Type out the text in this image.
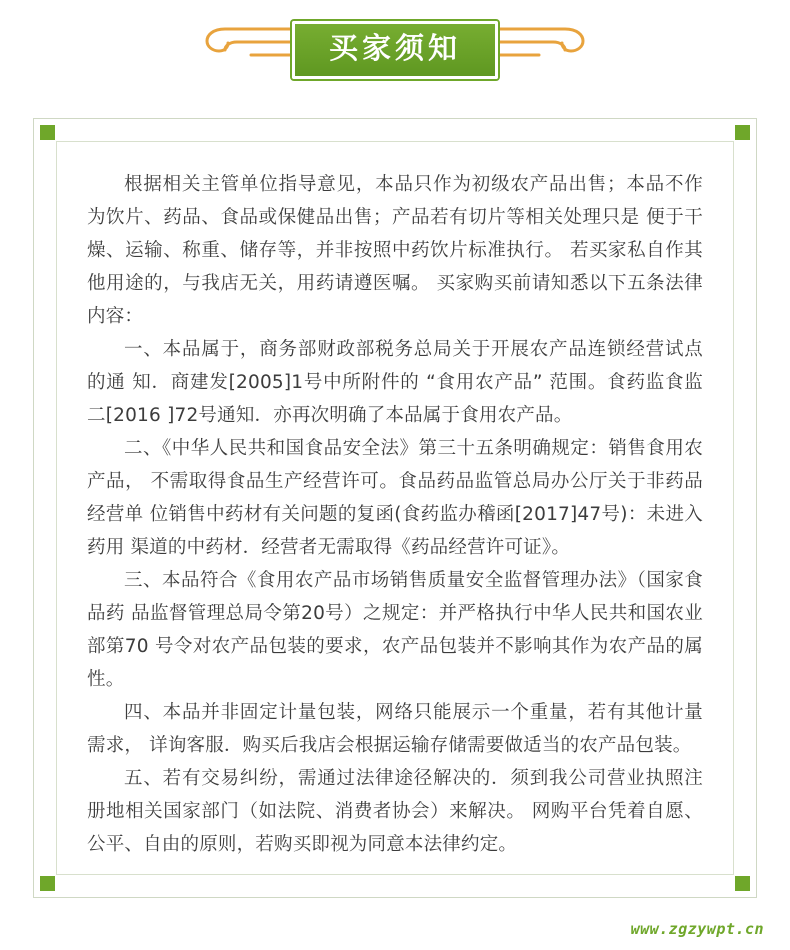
买家须知

根据相关主管单位指导意见，本品只作为初级农产品出售；本品不作为饮片、药品、食品或保健品出售；产品若有切片等相关处理只是 便于干燥、运输、称重、储存等，并非按照中药饮片标准执行。 若买家私自作其他用途的，与我店无关，用药请遵医嘱。 买家购买前请知悉以下五条法律内容：

一、本品属于，商务部财政部税务总局关于开展农产品连锁经营试点的通 知．商建发[2005]1号中所附件的 “食用农产品” 范围。食药监食监二[2016 ]72号通知．亦再次明确了本品属于食用农产品。

二、《中华人民共和国食品安全法》第三十五条明确规定：销售食用农产品， 不需取得食品生产经营许可。食品药品监管总局办公厅关于非药品经营单 位销售中药材有关问题的复函(食药监办稽函[2017]47号)：未进入药用 渠道的中药材．经营者无需取得《药品经营许可证》。

三、本品符合《食用农产品市场销售质量安全监督管理办法》（国家食品药 品监督管理总局令第20号）之规定：并严格执行中华人民共和国农业部第70 号令对农产品包装的要求，农产品包装并不影响其作为农产品的属性。

四、本品并非固定计量包装，网络只能展示一个重量，若有其他计量需求， 详询客服．购买后我店会根据运输存储需要做适当的农产品包装。

五、若有交易纠纷，需通过法律途径解决的．须到我公司营业执照注册地相关国家部门（如法院、消费者协会）来解决。 网购平台凭着自愿、公平、自由的原则，若购买即视为同意本法律约定。

www.zgzywpt.cn
